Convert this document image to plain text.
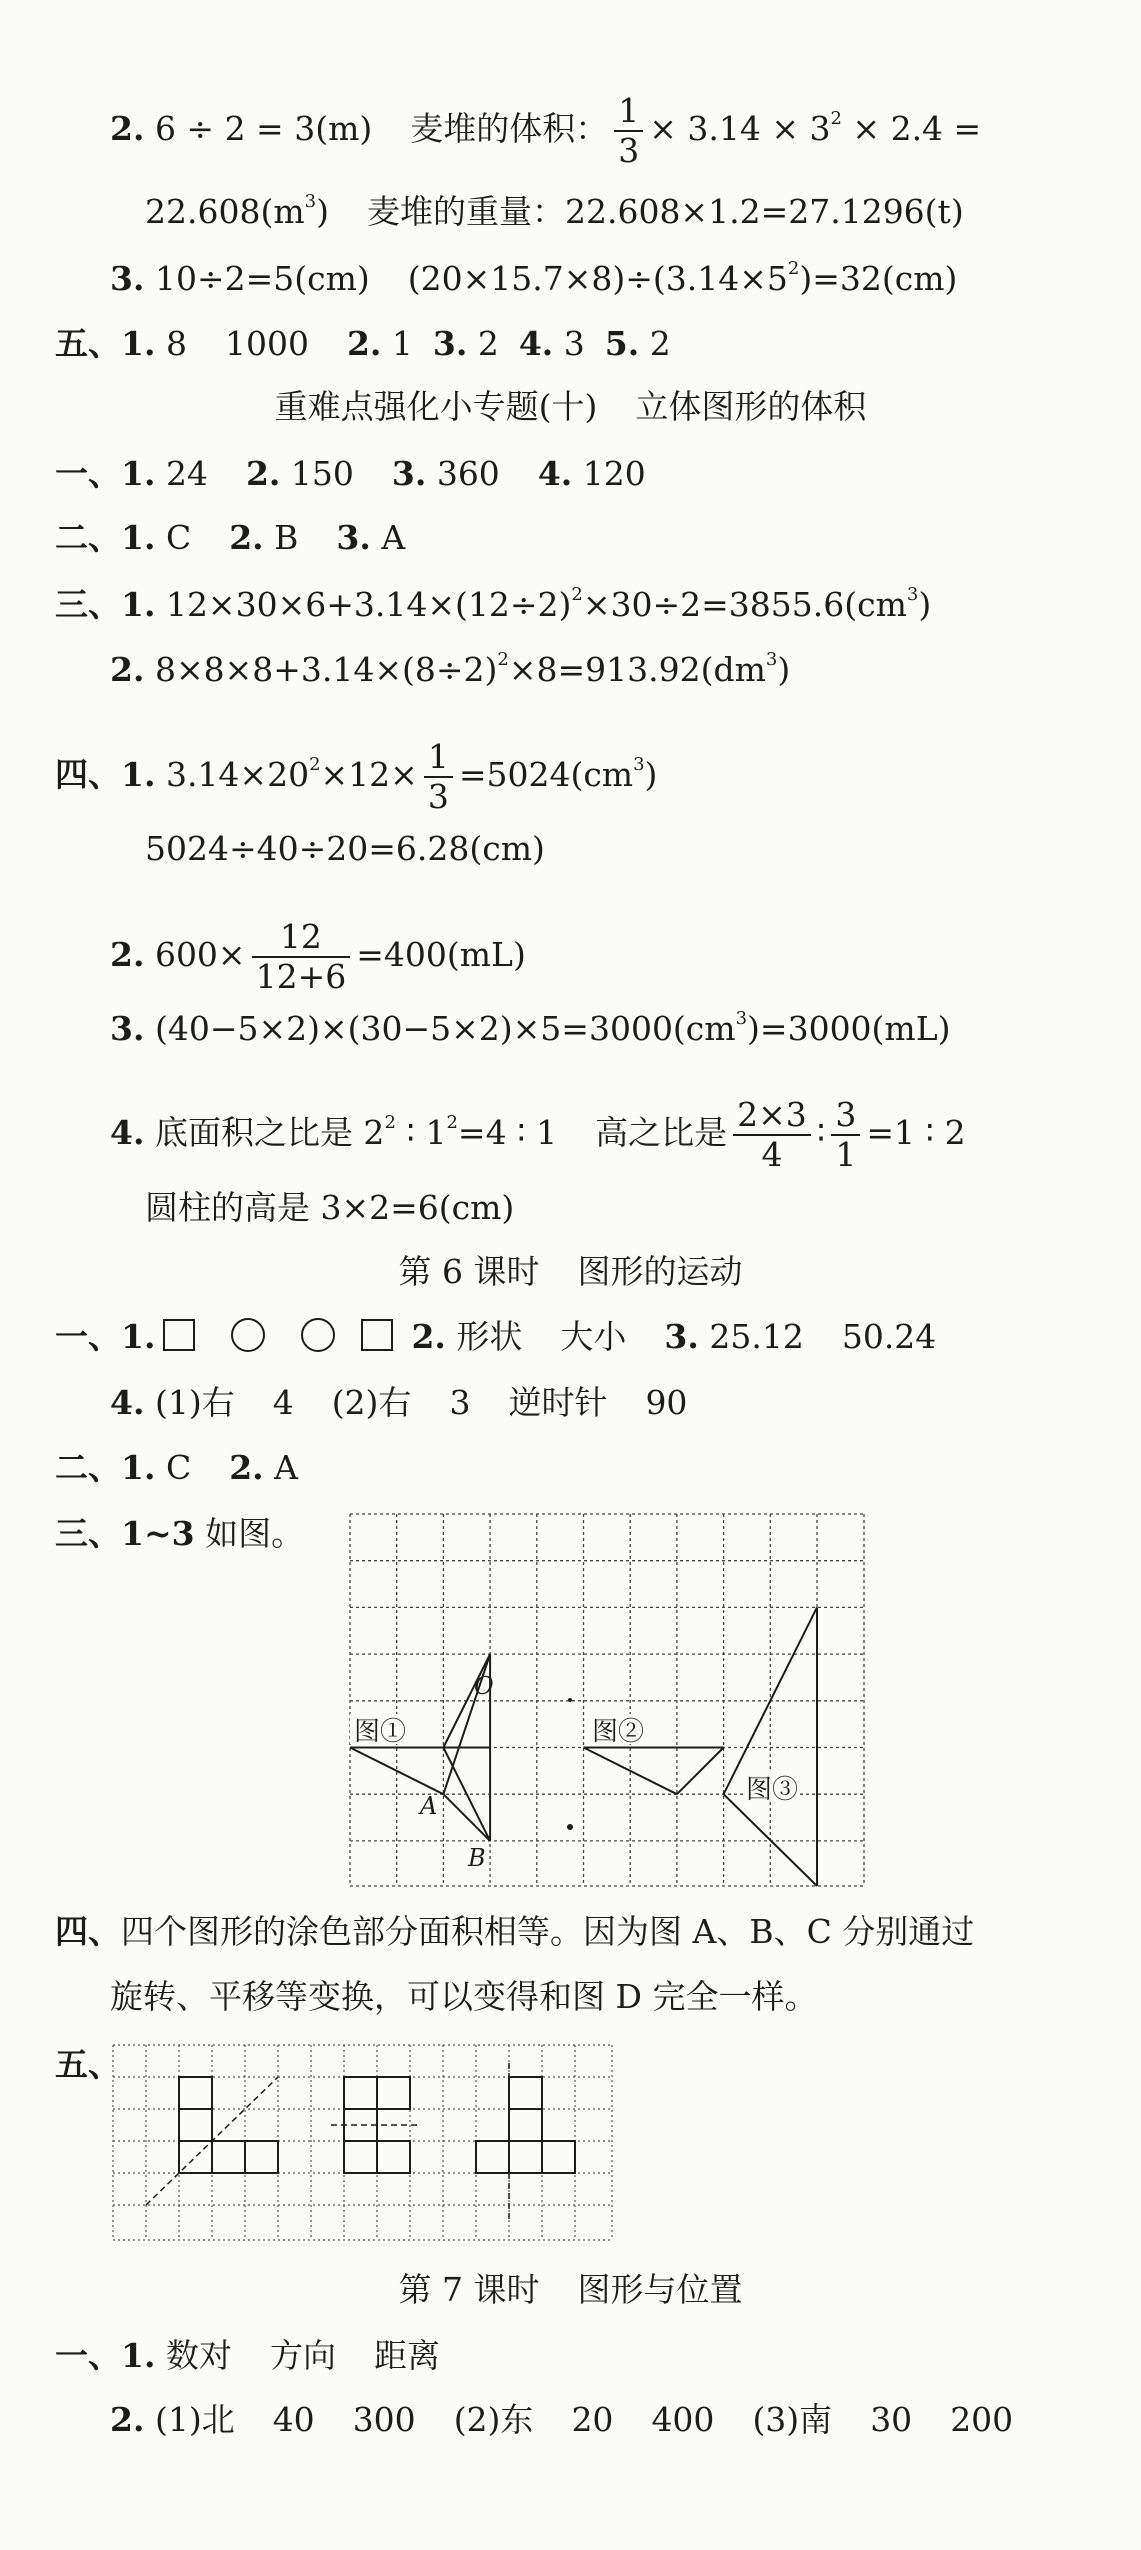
2. 6 ÷ 2 = 3(m) 麦堆的体积： $\frac{1}{3} \times 3.14 \times 3^2 \times 2.4$ =
$22.608(m^3)$ 麦堆的重量：22.608×1.2=27.1296(t)
3. 10÷2=5(cm) $(20\times 15.7\times 8)\div(3.14\times 5^2)=32(cm)$
五、1. 8 1000 2. 1 3. 2 4. 3 5. 2
重难点强化小专题(十) 立体图形的体积
一、1. 24 2. 150 3. 360 4. 120
二、1. C 2. B 3. A
三、1. $12\times 30\times 6+3.14\times(12\div 2)^2\times 30\div 2=3855.6(cm^3)$
2. $8\times 8\times 8+3.14\times(8\div 2)^2\times 8=913.92(dm^3)$
四、1. $3.14\times 20^2\times 12\times \frac{1}{3} =5024(cm^3)$
5024÷40÷20=6.28(cm)
2. $600\times \frac{12}{12+6} =400(mL)$
3. $(40-5\times 2)\times(30-5\times 2)\times 5=3000(cm^3)=3000(mL)$
4. 底面积之比是 $2^2$ ∶ $1^2=4$ ∶ 1 高之比是 $\frac{2\times 3}{4}$ ∶ $\frac{3}{1} =1$ ∶ 2
圆柱的高是 3×2=6(cm)
第 6 课时 图形的运动
一、1.	2. 形状 大小 3. 25.12 50.24
4. (1)右 4 (2)右 3 逆时针 90
二、1. C 2. A
三、1~3 如图。
图①	图②
图③
O
A
B
四、四个图形的涂色部分面积相等。因为图 A、B、C 分别通过
旋转、平移等变换，可以变得和图 D 完全一样。
五、
第 7 课时 图形与位置
一、1. 数对 方向 距离
2. (1)北 40 300 (2)东 20 400 (3)南 30 200
